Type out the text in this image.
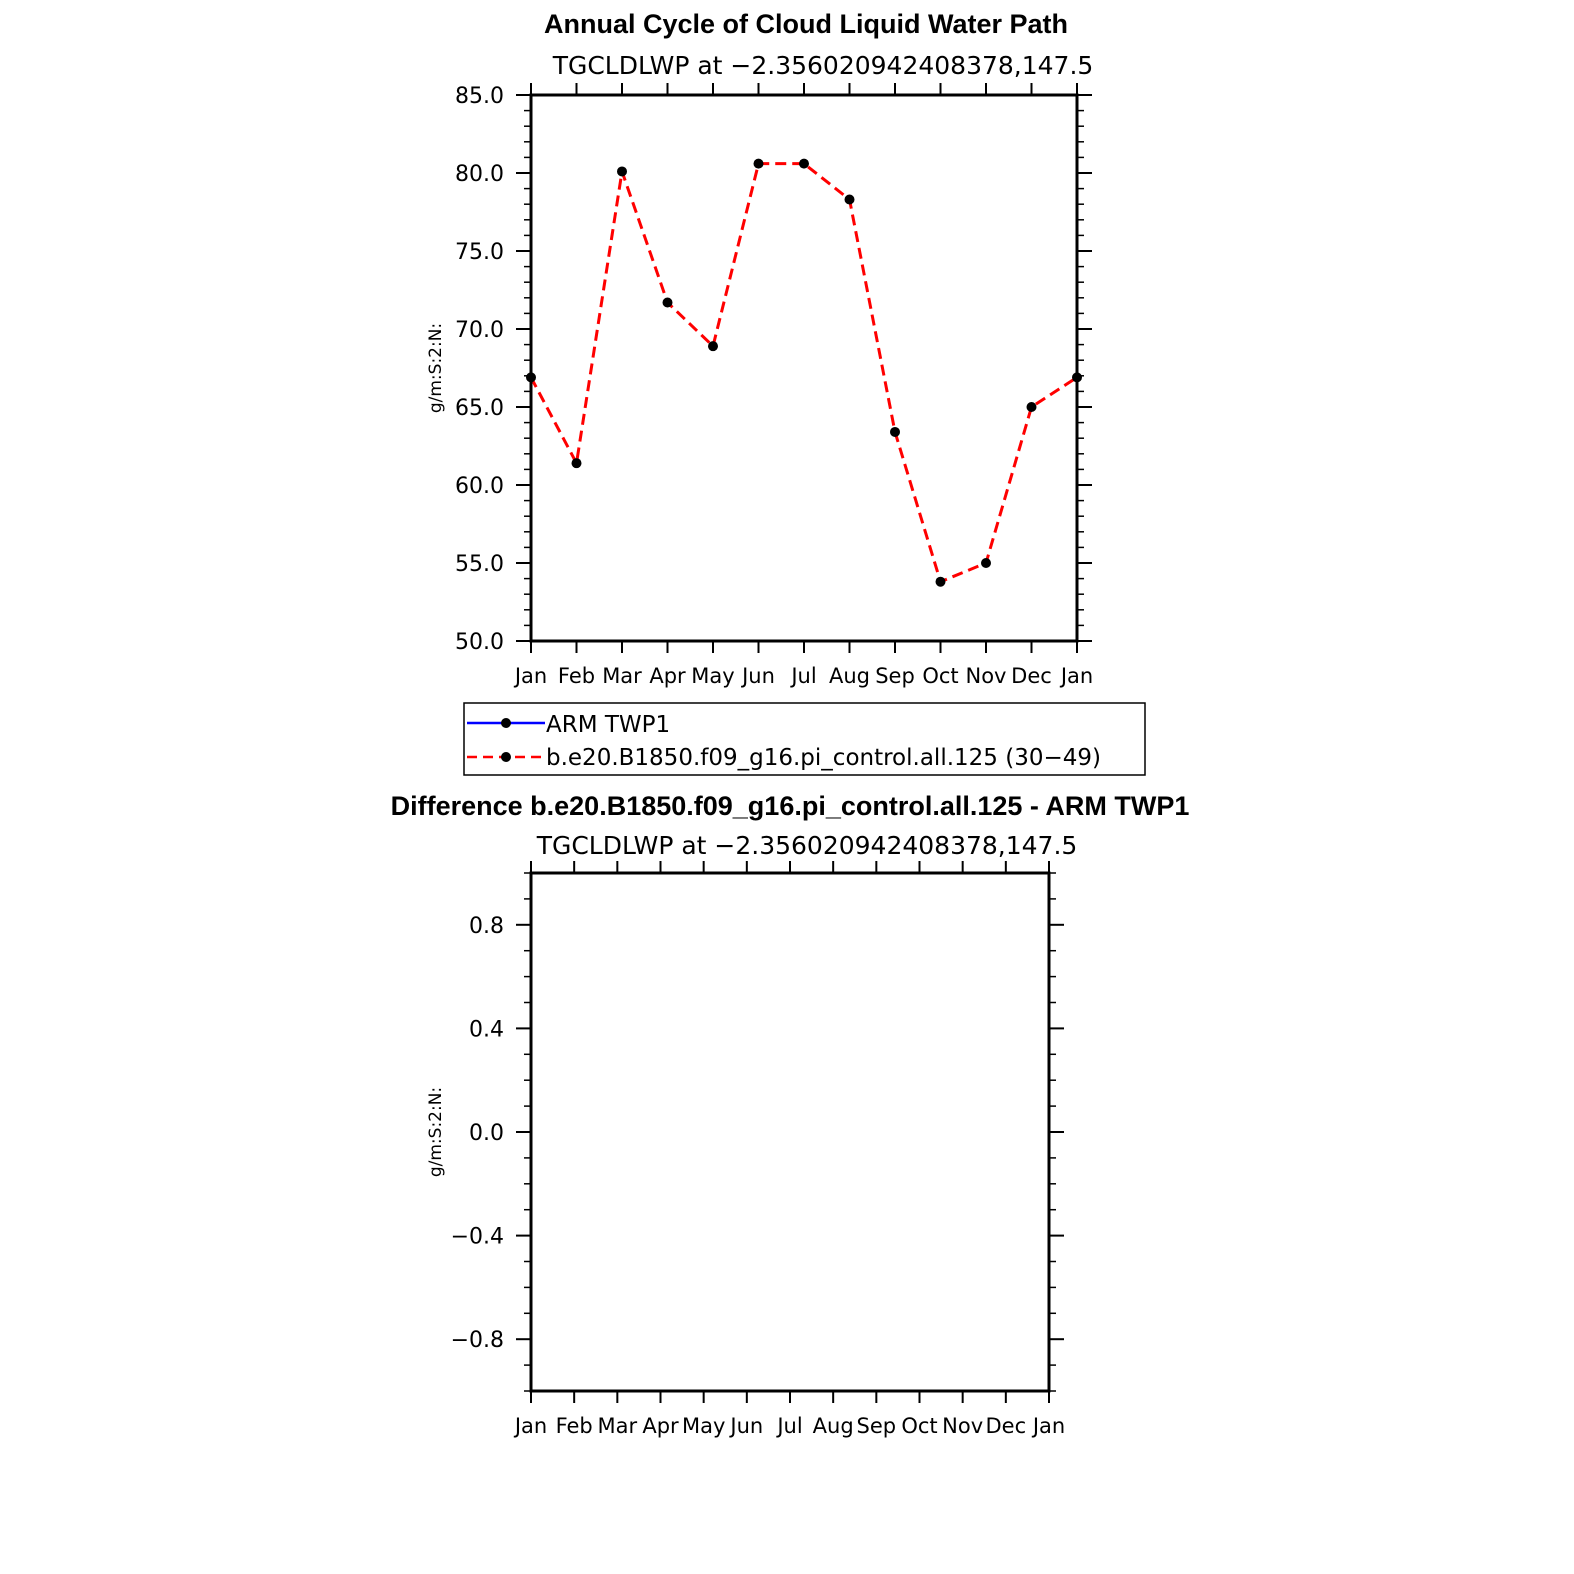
Annual Cycle of Cloud Liquid Water Path
TGCLDLWP at −2.356020942408378,147.5
g/m:S:2:N:
50.0
55.0
60.0
65.0
70.0
75.0
80.0
85.0
Jan Feb Mar Apr May Jun Jul Aug Sep Oct Nov Dec Jan
ARM TWP1
b.e20.B1850.f09_g16.pi_control.all.125 (30−49)
Difference b.e20.B1850.f09_g16.pi_control.all.125 - ARM TWP1
TGCLDLWP at −2.356020942408378,147.5
g/m:S:2:N:
−0.8
−0.4
0.0
0.4
0.8
Jan Feb Mar Apr May Jun Jul Aug Sep Oct Nov Dec Jan
